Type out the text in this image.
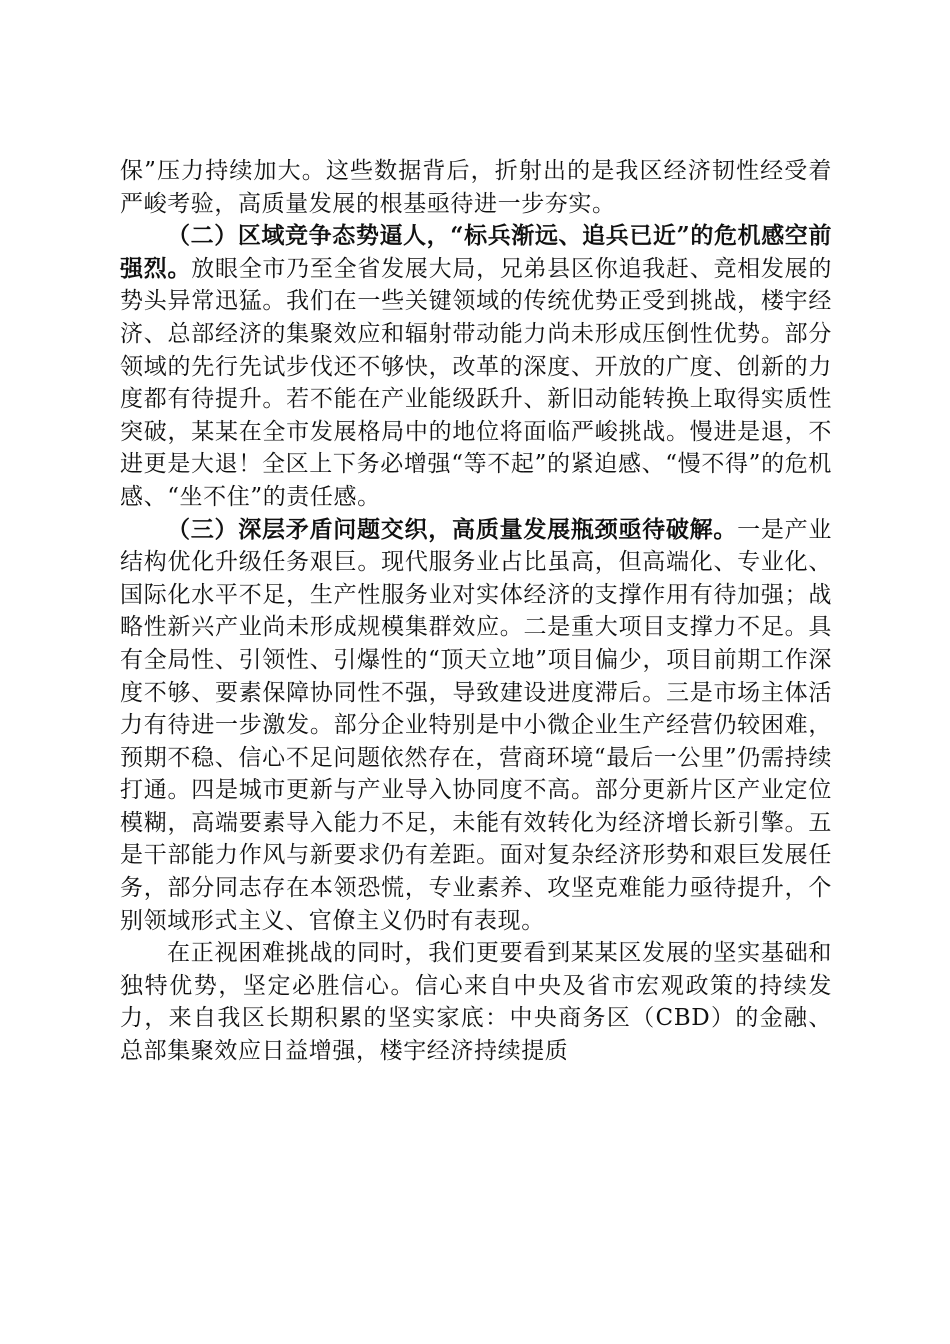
保”压力持续加大。这些数据背后，折射出的是我区经济韧性经受着严峻考验，高质量发展的根基亟待进一步夯实。

（二）区域竞争态势逼人，“标兵渐远、追兵已近”的危机感空前强烈。放眼全市乃至全省发展大局，兄弟县区你追我赶、竞相发展的势头异常迅猛。我们在一些关键领域的传统优势正受到挑战，楼宇经济、总部经济的集聚效应和辐射带动能力尚未形成压倒性优势。部分领域的先行先试步伐还不够快，改革的深度、开放的广度、创新的力度都有待提升。若不能在产业能级跃升、新旧动能转换上取得实质性突破，某某在全市发展格局中的地位将面临严峻挑战。慢进是退，不进更是大退！全区上下务必增强“等不起”的紧迫感、“慢不得”的危机感、“坐不住”的责任感。

（三）深层矛盾问题交织，高质量发展瓶颈亟待破解。一是产业结构优化升级任务艰巨。现代服务业占比虽高，但高端化、专业化、国际化水平不足，生产性服务业对实体经济的支撑作用有待加强；战略性新兴产业尚未形成规模集群效应。二是重大项目支撑力不足。具有全局性、引领性、引爆性的“顶天立地”项目偏少，项目前期工作深度不够、要素保障协同性不强，导致建设进度滞后。三是市场主体活力有待进一步激发。部分企业特别是中小微企业生产经营仍较困难，预期不稳、信心不足问题依然存在，营商环境“最后一公里”仍需持续打通。四是城市更新与产业导入协同度不高。部分更新片区产业定位模糊，高端要素导入能力不足，未能有效转化为经济增长新引擎。五是干部能力作风与新要求仍有差距。面对复杂经济形势和艰巨发展任务，部分同志存在本领恐慌，专业素养、攻坚克难能力亟待提升，个别领域形式主义、官僚主义仍时有表现。

在正视困难挑战的同时，我们更要看到某某区发展的坚实基础和独特优势，坚定必胜信心。信心来自中央及省市宏观政策的持续发力，来自我区长期积累的坚实家底：中央商务区（CBD）的金融、总部集聚效应日益增强，楼宇经济持续提质
